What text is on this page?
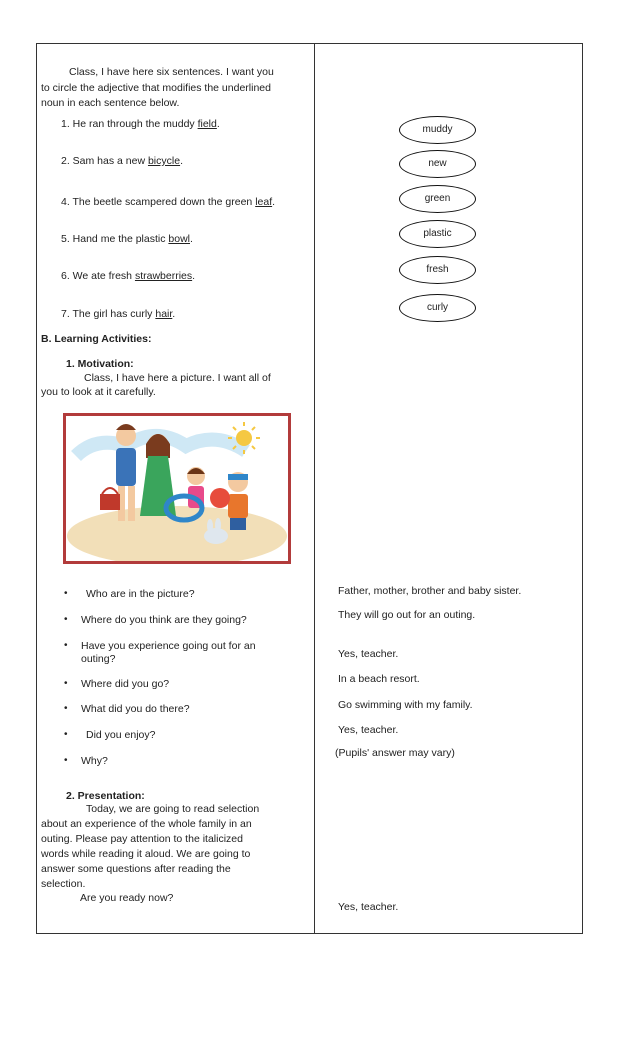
Class, I have here six sentences. I want you
to circle the adjective that modifies the underlined
noun in each sentence below.
1. He ran through the muddy field.
2. Sam has a new bicycle.
4. The beetle scampered down the green leaf.
5. Hand me the plastic bowl.
6. We ate fresh strawberries.
7. The girl has curly hair.
muddy
new
green
plastic
fresh
curly
B. Learning Activities:
1. Motivation:
Class, I have here a picture. I want all of
you to look at it carefully.
• Who are in the picture?
• Where do you think are they going?
• Have you experience going out for an
outing?
• Where did you go?
• What did you do there?
• Did you enjoy?
• Why?
Father, mother, brother and baby sister.
They will go out for an outing.
Yes, teacher.
In a beach resort.
Go swimming with my family.
Yes, teacher.
(Pupils' answer may vary)
Yes, teacher.
2. Presentation:
Today, we are going to read selection
about an experience of the whole family in an
outing. Please pay attention to the italicized
words while reading it aloud. We are going to
answer some questions after reading the
selection.
Are you ready now?
